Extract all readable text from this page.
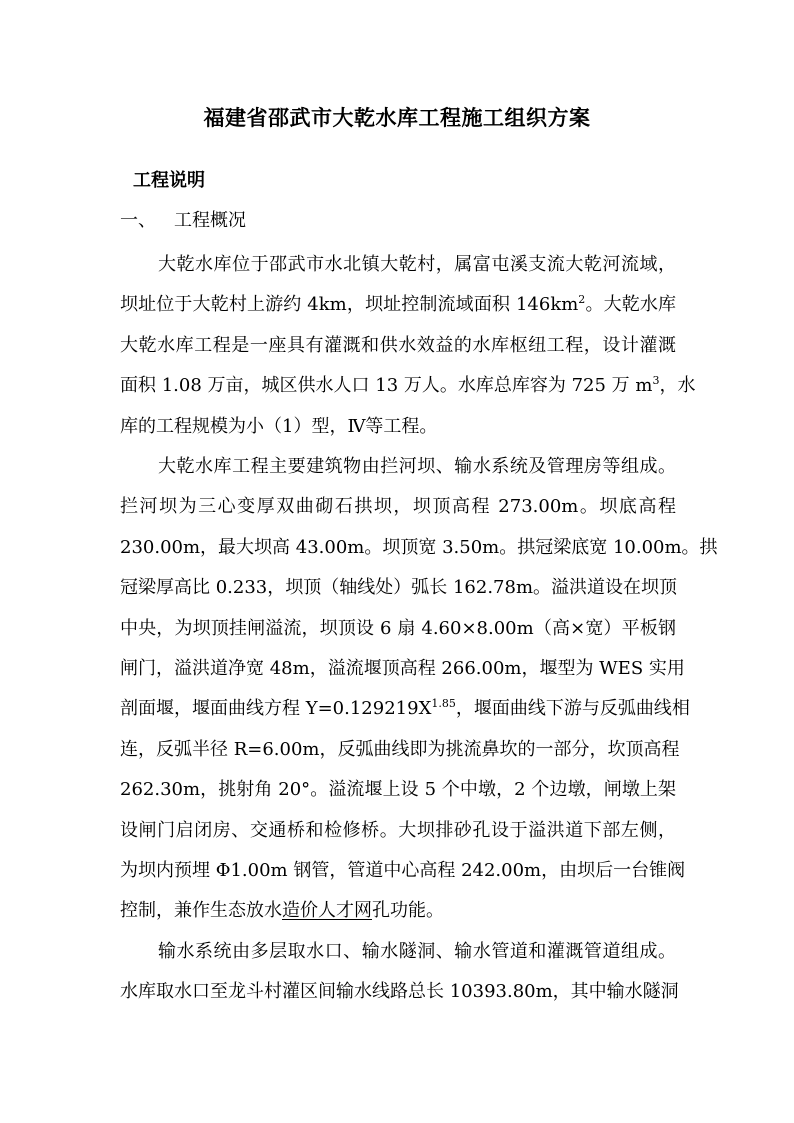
福建省邵武市大乾水库工程施工组织方案
工程说明
一、 工程概况
大乾水库位于邵武市水北镇大乾村，属富屯溪支流大乾河流域，
坝址位于大乾村上游约 4km，坝址控制流域面积 $146km^2$。大乾水库
大乾水库工程是一座具有灌溉和供水效益的水库枢纽工程，设计灌溉
面积 1.08 万亩，城区供水人口 13 万人。水库总库容为 725 万 $m^3$，水
库的工程规模为小（1）型，Ⅳ等工程。
大乾水库工程主要建筑物由拦河坝、输水系统及管理房等组成。
拦河坝为三心变厚双曲砌石拱坝，坝顶高程 273.00m。坝底高程
230.00m，最大坝高 43.00m。坝顶宽 3.50m。拱冠梁底宽 10.00m。拱
冠梁厚高比 0.233，坝顶（轴线处）弧长 162.78m。溢洪道设在坝顶
中央，为坝顶挂闸溢流，坝顶设 6 扇 4.60×8.00m（高×宽）平板钢
闸门，溢洪道净宽 48m，溢流堰顶高程 266.00m，堰型为 WES 实用
剖面堰，堰面曲线方程 $Y=0.129219X^{1.85}$，堰面曲线下游与反弧曲线相
连，反弧半径 R=6.00m，反弧曲线即为挑流鼻坎的一部分，坎顶高程
262.30m，挑射角 20°。溢流堰上设 5 个中墩，2 个边墩，闸墩上架
设闸门启闭房、交通桥和检修桥。大坝排砂孔设于溢洪道下部左侧，
为坝内预埋 Φ1.00m 钢管，管道中心高程 242.00m，由坝后一台锥阀
控制，兼作生态放水造价人才网孔功能。
输水系统由多层取水口、输水隧洞、输水管道和灌溉管道组成。
水库取水口至龙斗村灌区间输水线路总长 10393.80m，其中输水隧洞
